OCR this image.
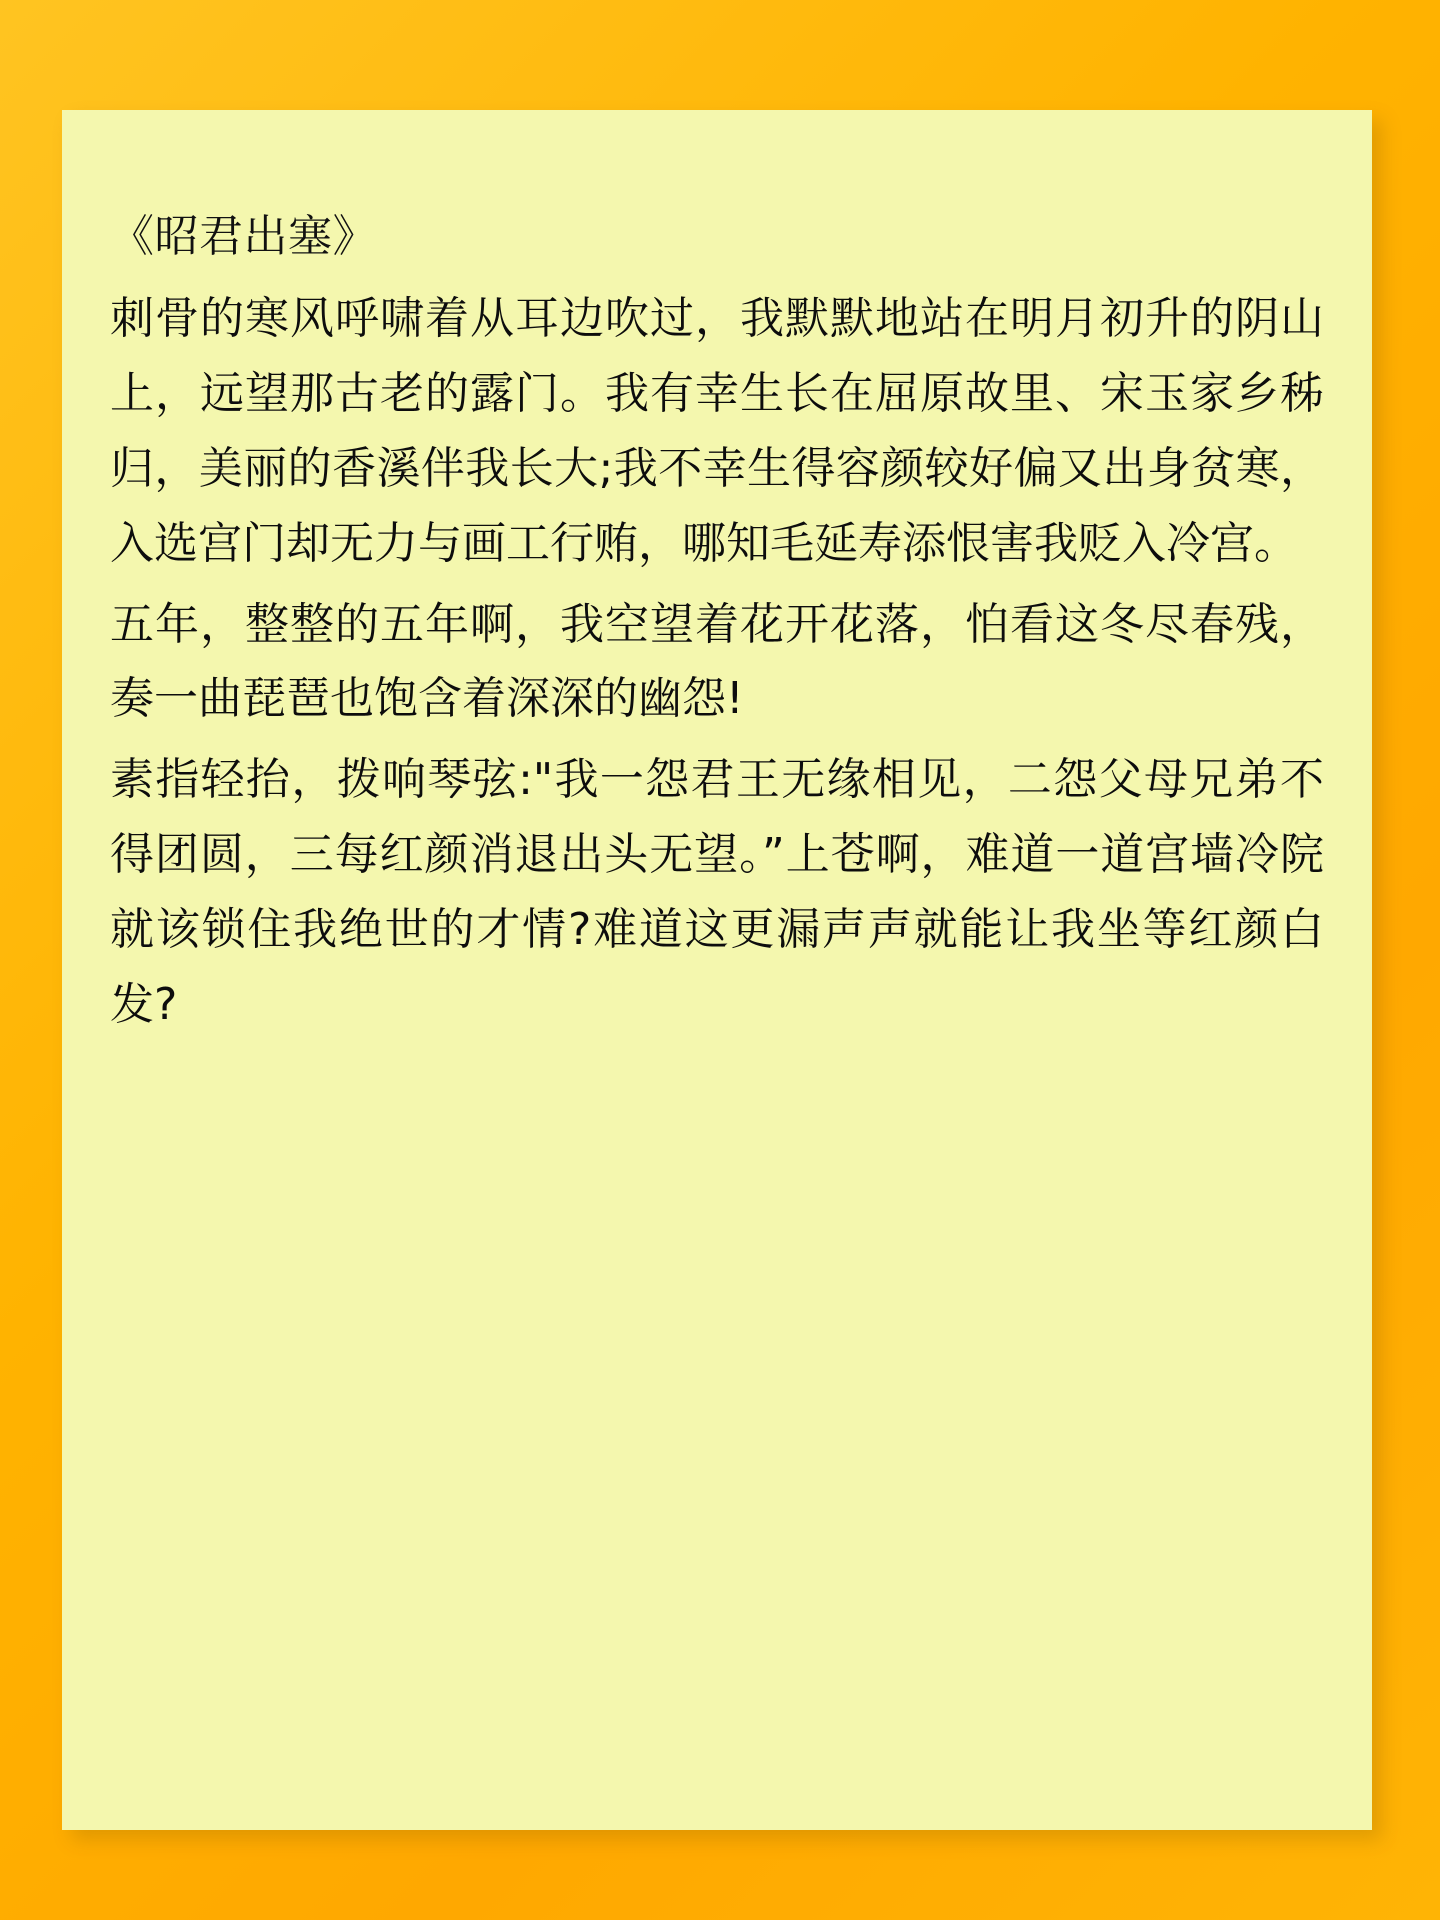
《昭君出塞》

刺骨的寒风呼啸着从耳边吹过，我默默地站在明月初升的阴山上，远望那古老的露门。我有幸生长在屈原故里、宋玉家乡秭归，美丽的香溪伴我长大;我不幸生得容颜较好偏又出身贫寒，入选宫门却无力与画工行贿，哪知毛延寿添恨害我贬入冷宫。

五年，整整的五年啊，我空望着花开花落，怕看这冬尽春残，奏一曲琵琶也饱含着深深的幽怨!

素指轻抬，拨响琴弦:"我一怨君王无缘相见，二怨父母兄弟不得团圆，三每红颜消退出头无望。”上苍啊，难道一道宫墙冷院就该锁住我绝世的才情?难道这更漏声声就能让我坐等红颜白发?
